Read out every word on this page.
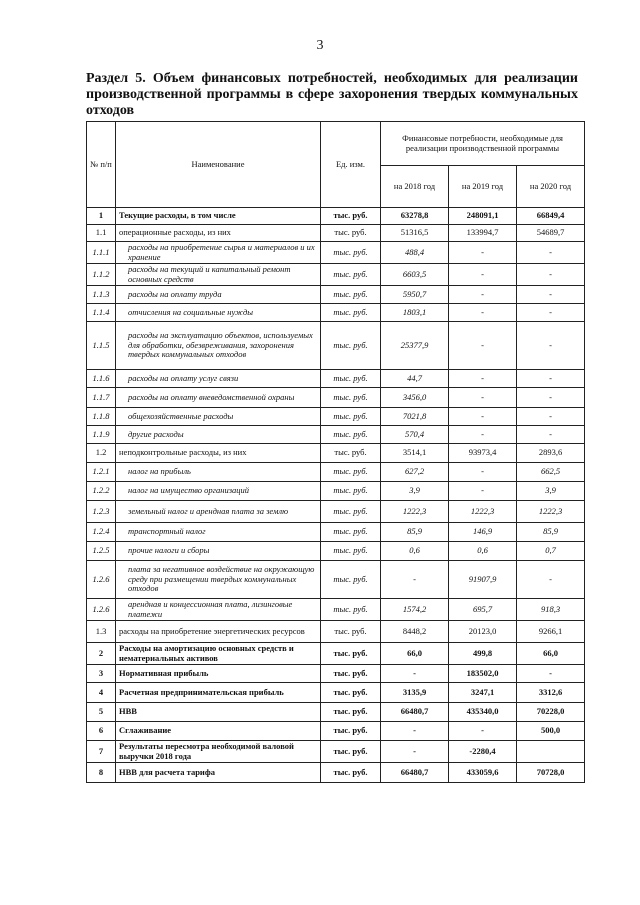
3
Раздел 5. Объем финансовых потребностей, необходимых для реализации производственной программы в сфере захоронения твердых коммунальных отходов
№ п/п	Наименование	Ед. изм.	Финансовые потребности, необходимые для реализации производственной программы		
			на 2018 год	на 2019 год	на 2020 год
1	Текущие расходы, в том числе	тыс. руб.	63278,8	248091,1	66849,4
1.1	операционные расходы, из них	тыс. руб.	51316,5	133994,7	54689,7
1.1.1	расходы на приобретение сырья и материалов и их хранение	тыс. руб.	488,4	-	-
1.1.2	расходы на текущий и капитальный ремонт основных средств	тыс. руб.	6603,5	-	-
1.1.3	расходы на оплату труда	тыс. руб.	5950,7	-	-
1.1.4	отчисления на социальные нужды	тыс. руб.	1803,1	-	-
1.1.5	расходы на эксплуатацию объектов, используемых для обработки, обезвреживания, захоронения твердых коммунальных отходов	тыс. руб.	25377,9	-	-
1.1.6	расходы на оплату услуг связи	тыс. руб.	44,7	-	-
1.1.7	расходы на оплату вневедомственной охраны	тыс. руб.	3456,0	-	-
1.1.8	общехозяйственные расходы	тыс. руб.	7021,8	-	-
1.1.9	другие расходы	тыс. руб.	570,4	-	-
1.2	неподконтрольные расходы, из них	тыс. руб.	3514,1	93973,4	2893,6
1.2.1	налог на прибыль	тыс. руб.	627,2	-	662,5
1.2.2	налог на имущество организаций	тыс. руб.	3,9	-	3,9
1.2.3	земельный налог и арендная плата за землю	тыс. руб.	1222,3	1222,3	1222,3
1.2.4	транспортный налог	тыс. руб.	85,9	146,9	85,9
1.2.5	прочие налоги и сборы	тыс. руб.	0,6	0,6	0,7
1.2.6	плата за негативное воздействие на окружающую среду при размещении твердых коммунальных отходов	тыс. руб.	-	91907,9	-
1.2.6	арендная и концессионная плата, лизинговые платежи	тыс. руб.	1574,2	695,7	918,3
1.3	расходы на приобретение энергетических ресурсов	тыс. руб.	8448,2	20123,0	9266,1
2	Расходы на амортизацию основных средств и нематериальных активов	тыс. руб.	66,0	499,8	66,0
3	Нормативная прибыль	тыс. руб.	-	183502,0	-
4	Расчетная предпринимательская прибыль	тыс. руб.	3135,9	3247,1	3312,6
5	НВВ	тыс. руб.	66480,7	435340,0	70228,0
6	Сглаживание	тыс. руб.	-	-	500,0
7	Результаты пересмотра необходимой валовой выручки 2018 года	тыс. руб.	-	-2280,4	
8	НВВ для расчета тарифа	тыс. руб.	66480,7	433059,6	70728,0
